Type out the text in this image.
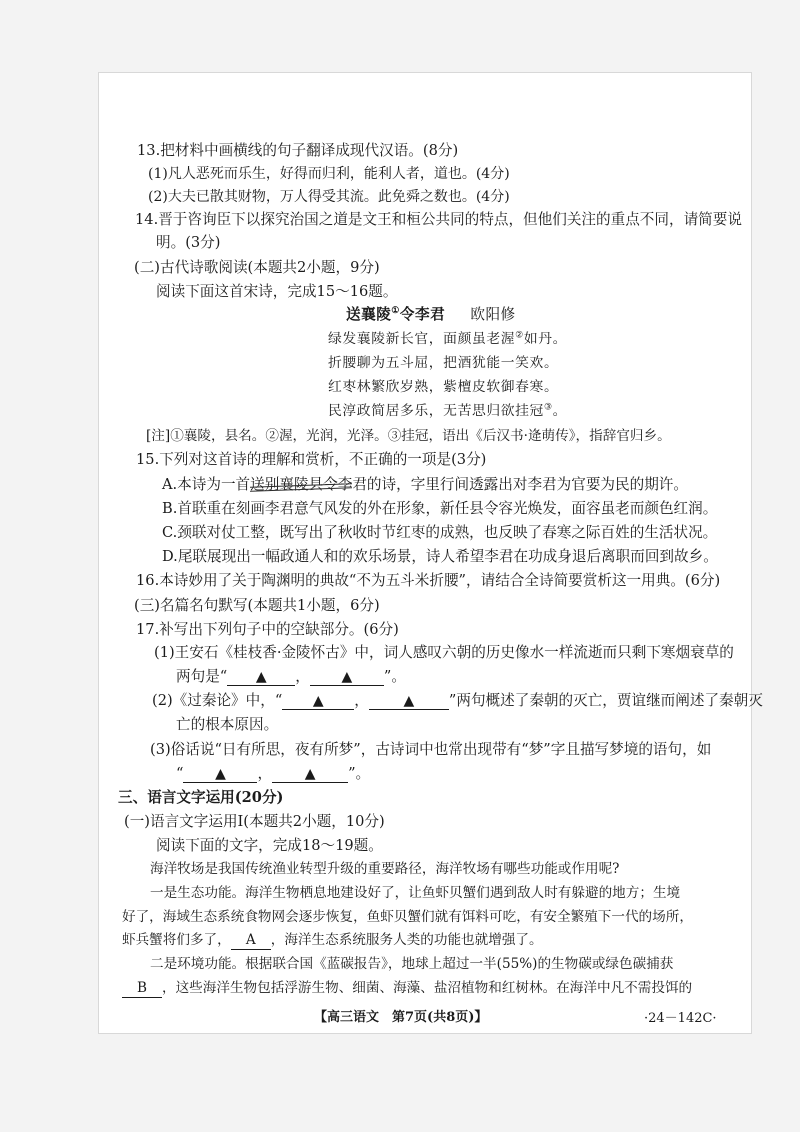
13.把材料中画横线的句子翻译成现代汉语。(8分)
(1)凡人恶死而乐生，好得而归利，能利人者，道也。(4分)
(2)大夫已散其财物，万人得受其流。此免舜之数也。(4分)
14.晋于咨询臣下以探究治国之道是文王和桓公共同的特点，但他们关注的重点不同，请简要说
明。(3分)
(二)古代诗歌阅读(本题共2小题，9分)
阅读下面这首宋诗，完成15～16题。
送襄陵①令李君 欧阳修
绿发襄陵新长官，面颜虽老渥②如丹。
折腰聊为五斗屈，把酒犹能一笑欢。
红枣林繁欣岁熟，紫檀皮软御春寒。
民淳政简居多乐，无苦思归欲挂冠③。
[注]①襄陵，县名。②渥，光润，光泽。③挂冠，语出《后汉书·逄萌传》，指辞官归乡。
15.下列对这首诗的理解和赏析，不正确的一项是(3分)
A.本诗为一首送别襄陵县令李
君的诗，字里行间透露出对李君为官要为民的期许。
B.首联重在刻画李君意气风发的外在形象，新任县令容光焕发，面容虽老而颜色红润。
C.颈联对仗工整，既写出了秋收时节红枣的成熟，也反映了春寒之际百姓的生活状况。
D.尾联展现出一幅政通人和的欢乐场景，诗人希望李君在功成身退后离职而回到故乡。
16.本诗妙用了关于陶渊明的典故“不为五斗米折腰”，请结合全诗简要赏析这一用典。(6分)
(三)名篇名句默写(本题共1小题，6分)
17.补写出下列句子中的空缺部分。(6分)
(1)王安石《桂枝香·金陵怀古》中，词人感叹六朝的历史像水一样流逝而只剩下寒烟衰草的
两句是“ ▲ ， ▲ ”。
(2)《过秦论》中，“ ▲ ， ▲ ”两句概述了秦朝的灭亡，贾谊继而阐述了秦朝灭
亡的根本原因。
(3)俗话说“日有所思，夜有所梦”，古诗词中也常出现带有“梦”字且描写梦境的语句，如
“ ▲ ， ▲ ”。
三、语言文字运用(20分)
(一)语言文字运用Ⅰ(本题共2小题，10分)
阅读下面的文字，完成18～19题。
海洋牧场是我国传统渔业转型升级的重要路径，海洋牧场有哪些功能或作用呢?
一是生态功能。海洋生物栖息地建设好了，让鱼虾贝蟹们遇到敌人时有躲避的地方；生境
好了，海域生态系统食物网会逐步恢复，鱼虾贝蟹们就有饵料可吃，有安全繁殖下一代的场所，
虾兵蟹将们多了， A ，海洋生态系统服务人类的功能也就增强了。
二是环境功能。根据联合国《蓝碳报告》，地球上超过一半(55%)的生物碳或绿色碳捕获
B ，这些海洋生物包括浮游生物、细菌、海藻、盐沼植物和红树林。在海洋中凡不需投饵的
【高三语文　第7页(共8页)】	·24－142C·
